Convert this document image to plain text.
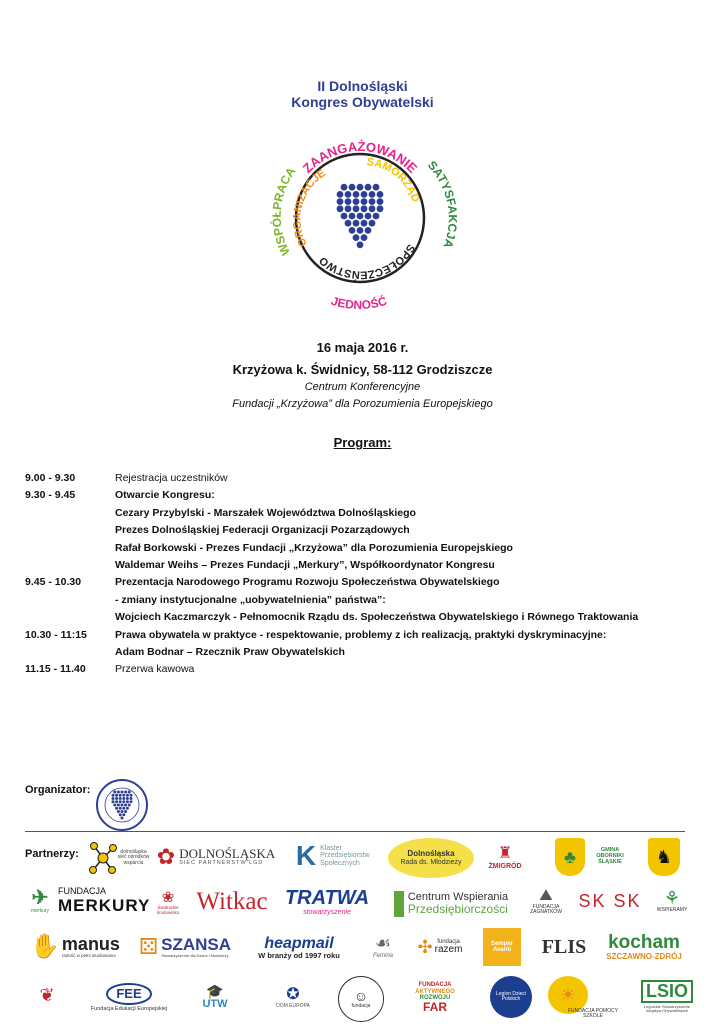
II Dolnośląski
Kongres Obywatelski
ZAANGAŻOWANIE
WSPÓŁPRACA	SATYSFAKCJA
JEDNOŚĆ
ORGANIZACJE
SAMORZĄD
SPOŁECZEŃSTWO
16 maja 2016 r.
Krzyżowa k. Świdnicy, 58-112 Grodziszcze
Centrum Konferencyjne
Fundacji „Krzyżowa” dla Porozumienia Europejskiego
Program:
9.00 - 9.30	Rejestracja uczestników
9.30 - 9.45	Otwarcie Kongresu:
Cezary Przybylski - Marszałek Województwa Dolnośląskiego
Prezes Dolnośląskiej Federacji Organizacji Pozarządowych
Rafał Borkowski - Prezes Fundacji „Krzyżowa” dla Porozumienia Europejskiego
Waldemar Weihs – Prezes Fundacji „Merkury”, Współkoordynator Kongresu
9.45 - 10.30	Prezentacja Narodowego Programu Rozwoju Społeczeństwa Obywatelskiego
- zmiany instytucjonalne „uobywatelnienia” państwa”:
Wojciech Kaczmarczyk - Pełnomocnik Rządu ds. Społeczeństwa Obywatelskiego i Równego Traktowania
10.30 - 11:15	Prawa obywatela w praktyce - respektowanie, problemy z ich realizacją, praktyki dyskryminacyjne:
Adam Bodnar – Rzecznik Praw Obywatelskich
11.15 - 11.40	Przerwa kawowa
Organizator:
Partnerzy:	dolnośląska sieć ośrodków wsparcia ✿ DOLNOŚLĄSKA
SIEĆ PARTNERSTW LGD K Klaster Przedsiębiorstw Społecznych
Dolnośląska
Rada ds. Młodzieży
♜
ŻMIGRÓD ♣	GMINA OBORNIKI ŚLĄSKIE	♞
✈
merkury
FUNDACJA
MERKURY ❀
Świdnickie środowisko Witkac TRATWA
stowarzyszenie
Centrum Wspierania
Przedsiębiorczości
⛰
FUNDACJA ZAGNATKÓW
SK SK ⚘
WSPIERAMY
✋ manus
radość w pełni studiowania ⚄ SZANSA
Stowarzyszenie dla Dzieci i Młodzieży
heapmail
W branży od 1997 roku
☙
Femina ✣ fundacja
razem
Semper Avanti	FLIS kocham
SZCZAWNO-ZDRÓJ
❦	FEE
Fundacja Edukacji Europejskiej
🎓
UTW
✪
DOM EUROPA
☺
fundacja
FUNDACJA
AKTYWNEGO
ROZWOJU
FAR
Legion Dzieci Polskich	☀
FUNDACJA POMOCY SZKOLE
LSIO
Legnickie Stowarzyszenie Inicjatyw Obywatelskich
